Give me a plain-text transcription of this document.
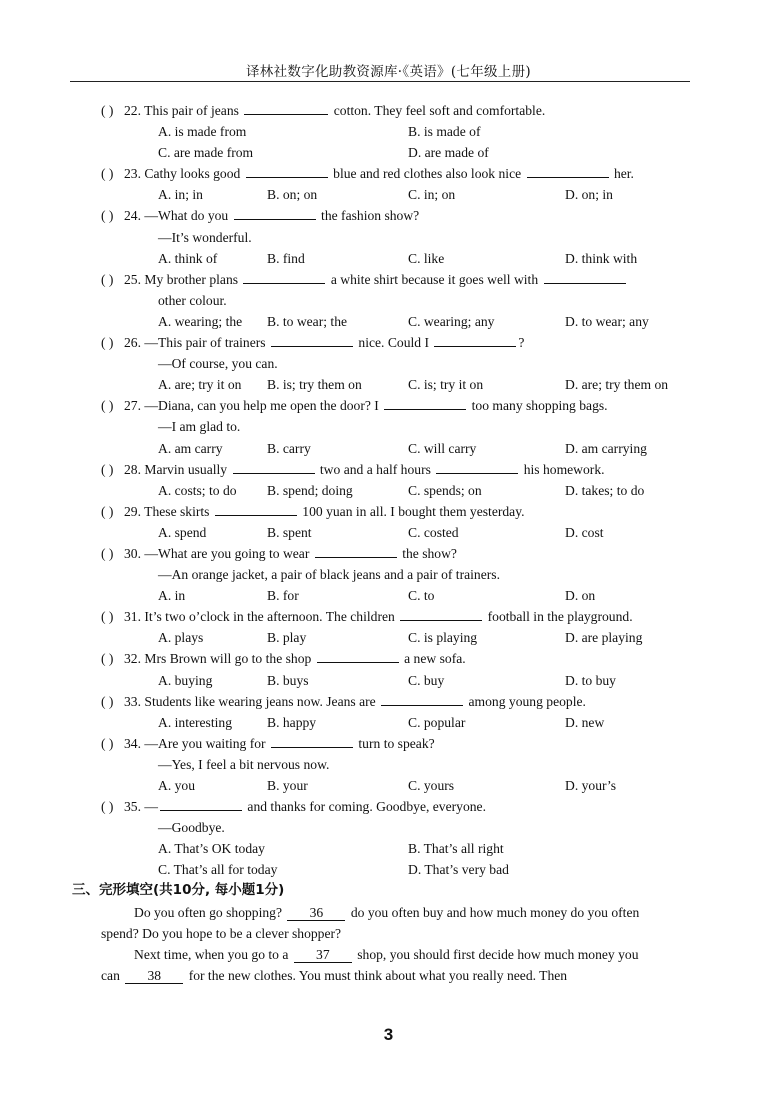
译林社数字化助教资源库·《英语》(七年级上册)
( ) 22. This pair of jeans	cotton. They feel soft and comfortable.
A. is made from	B. is made of
C. are made from	D. are made of
( ) 23. Cathy looks good	blue and red clothes also look nice	her.
A. in; in	B. on; on	C. in; on	D. on; in
( ) 24. —What do you	the fashion show?
—It’s wonderful.
A. think of	B. find	C. like	D. think with
( ) 25. My brother plans	a white shirt because it goes well with
other colour.
A. wearing; the B. to wear; the	C. wearing; any	D. to wear; any
( ) 26. —This pair of trainers	nice. Could I	?
—Of course, you can.
A. are; try it on B. is; try them on	C. is; try it on	D. are; try them on
( ) 27. —Diana, can you help me open the door? I	too many shopping bags.
—I am glad to.
A. am carry	B. carry	C. will carry	D. am carrying
( ) 28. Marvin usually	two and a half hours	his homework.
A. costs; to do B. spend; doing	C. spends; on	D. takes; to do
( ) 29. These skirts	100 yuan in all. I bought them yesterday.
A. spend	B. spent	C. costed	D. cost
( ) 30. —What are you going to wear	the show?
—An orange jacket, a pair of black jeans and a pair of trainers.
A. in	B. for	C. to	D. on
( ) 31. It’s two o’clock in the afternoon. The children	football in the playground.
A. plays	B. play	C. is playing	D. are playing
( ) 32. Mrs Brown will go to the shop	a new sofa.
A. buying	B. buys	C. buy	D. to buy
( ) 33. Students like wearing jeans now. Jeans are	among young people.
A. interesting	B. happy	C. popular	D. new
( ) 34. —Are you waiting for	turn to speak?
—Yes, I feel a bit nervous now.
A. you	B. your	C. yours	D. your’s
( ) 35. —	and thanks for coming. Goodbye, everyone.
—Goodbye.
A. That’s OK today	B. That’s all right
C. That’s all for today	D. That’s very bad
三、完形填空(共10分, 每小题1分)
Do you often go shopping? 36 do you often buy and how much money do you often
spend? Do you hope to be a clever shopper?
Next time, when you go to a 37 shop, you should first decide how much money you
can 38 for the new clothes. You must think about what you really need. Then
3
